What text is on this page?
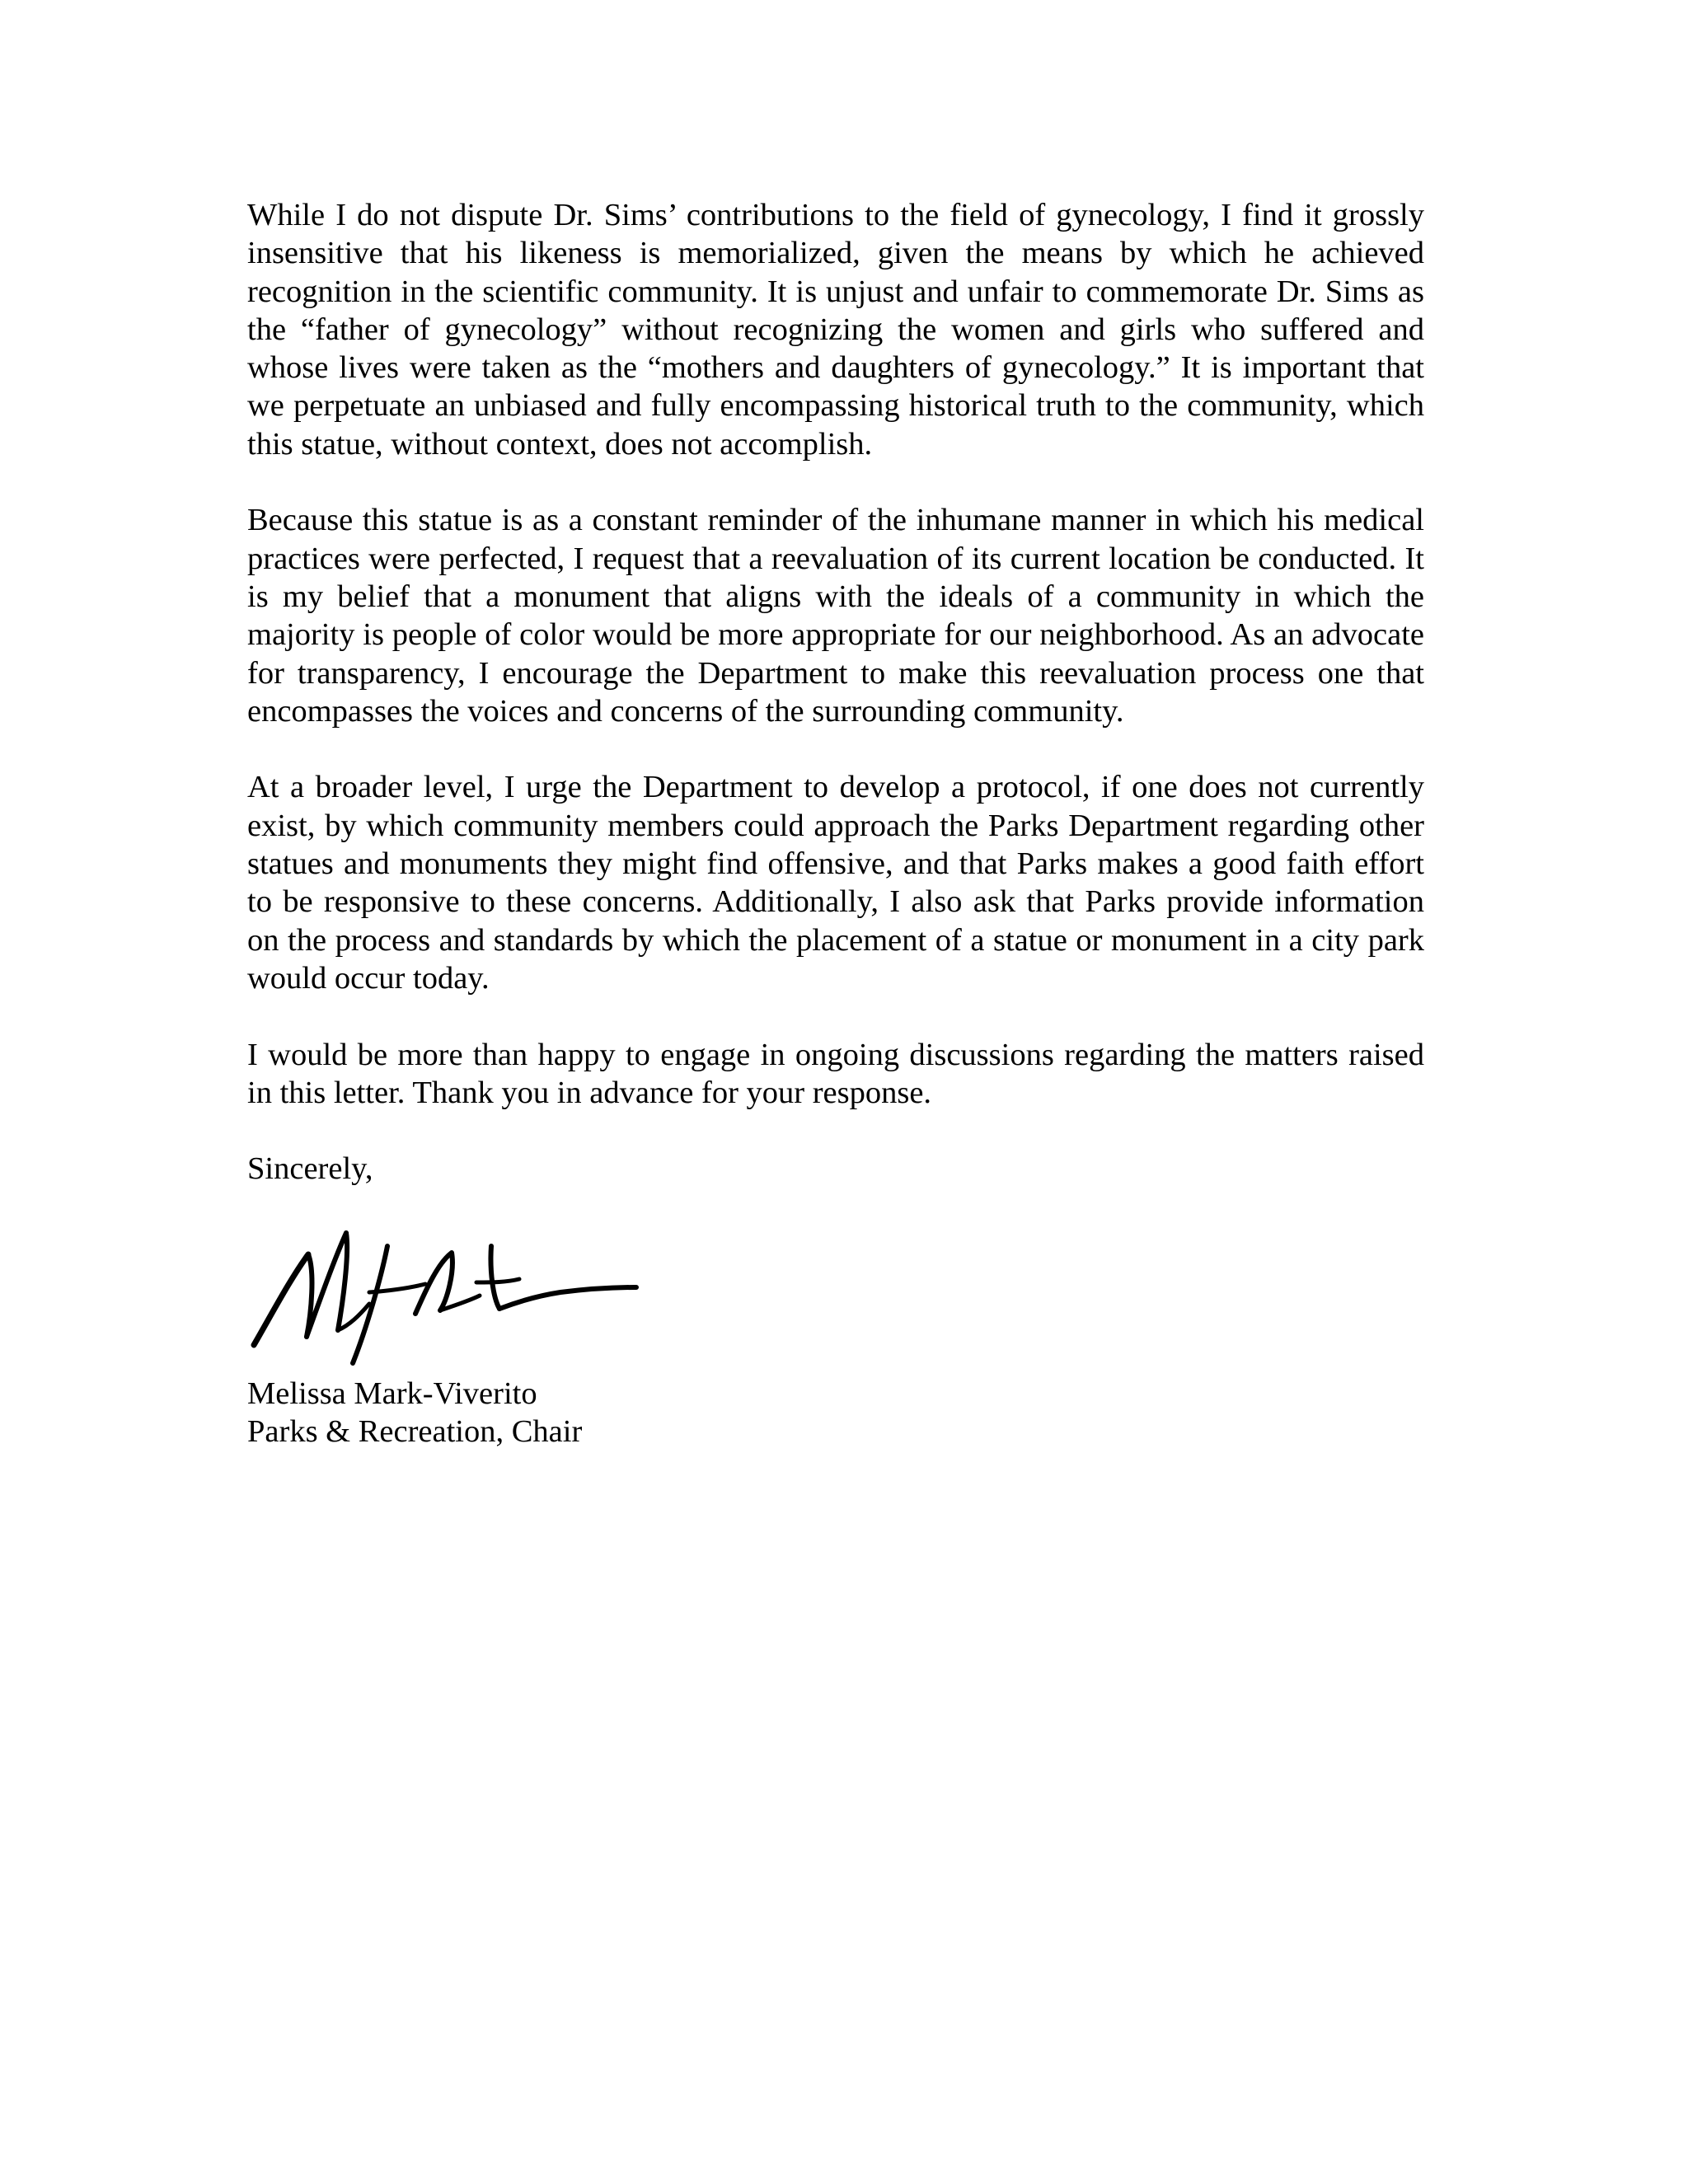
While I do not dispute Dr. Sims’ contributions to the field of gynecology, I find it grossly insensitive that his likeness is memorialized, given the means by which he achieved recognition in the scientific community. It is unjust and unfair to commemorate Dr. Sims as the “father of gynecology” without recognizing the women and girls who suffered and whose lives were taken as the “mothers and daughters of gynecology.” It is important that we perpetuate an unbiased and fully encompassing historical truth to the community, which this statue, without context, does not accomplish.

Because this statue is as a constant reminder of the inhumane manner in which his medical practices were perfected, I request that a reevaluation of its current location be conducted. It is my belief that a monument that aligns with the ideals of a community in which the majority is people of color would be more appropriate for our neighborhood. As an advocate for transparency, I encourage the Department to make this reevaluation process one that encompasses the voices and concerns of the surrounding community.

At a broader level, I urge the Department to develop a protocol, if one does not currently exist, by which community members could approach the Parks Department regarding other statues and monuments they might find offensive, and that Parks makes a good faith effort to be responsive to these concerns. Additionally, I also ask that Parks provide information on the process and standards by which the placement of a statue or monument in a city park would occur today.

I would be more than happy to engage in ongoing discussions regarding the matters raised in this letter. Thank you in advance for your response.

Sincerely,

Melissa Mark-Viverito
Parks & Recreation, Chair
